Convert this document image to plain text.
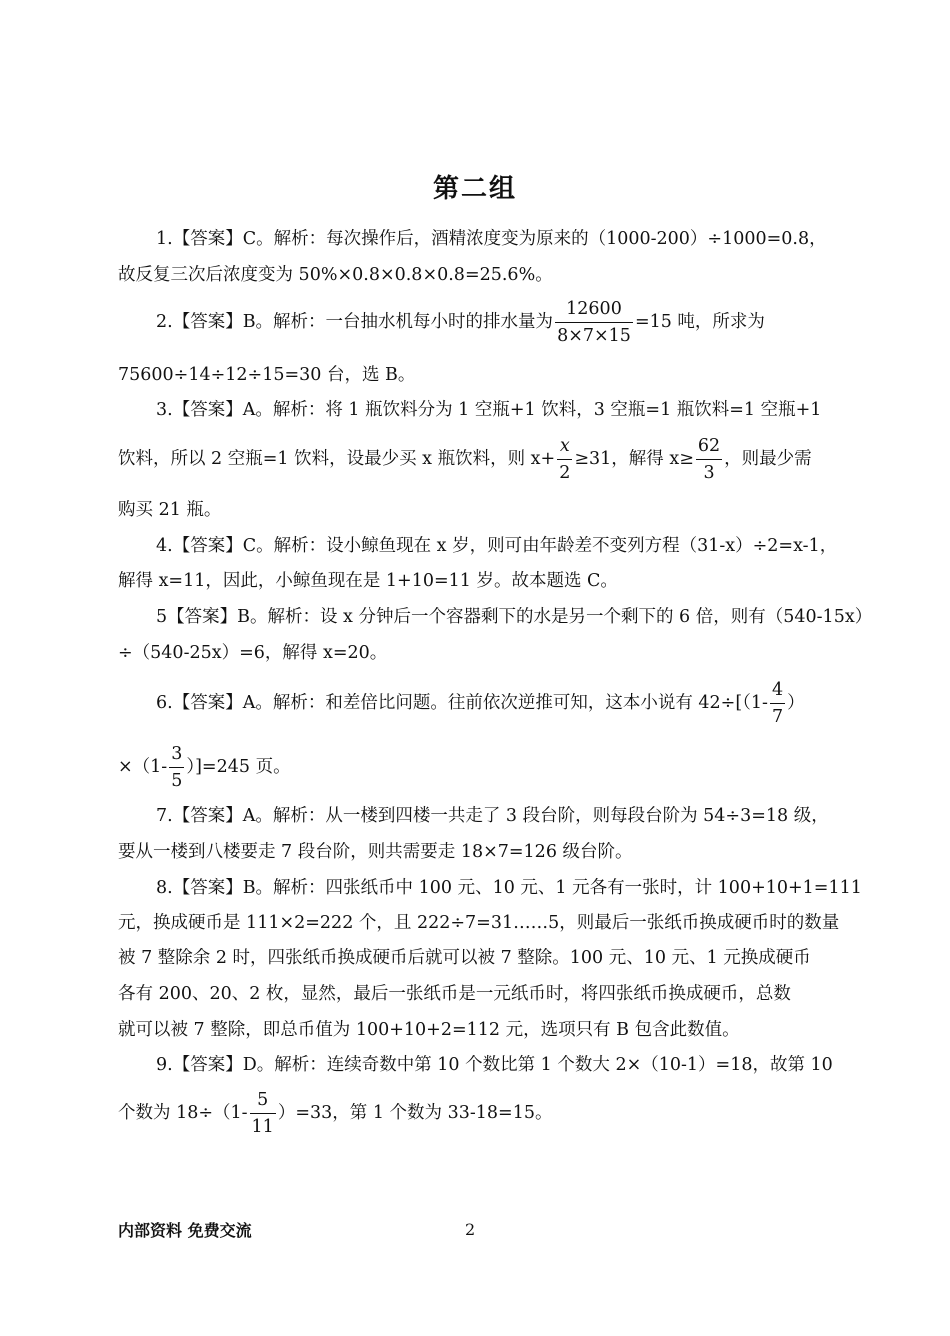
第二组
1.【答案】C。解析：每次操作后，酒精浓度变为原来的（1000-200）÷1000=0.8，
故反复三次后浓度变为 50%×0.8×0.8×0.8=25.6%。
2.【答案】B。解析：一台抽水机每小时的排水量为 $\frac{12600}{8\times 7\times 15} =15$ 吨，所求为
75600÷14÷12÷15=30 台，选 B。
3.【答案】A。解析：将 1 瓶饮料分为 1 空瓶+1 饮料，3 空瓶=1 瓶饮料=1 空瓶+1
饮料，所以 2 空瓶=1 饮料，设最少买 x 瓶饮料，则 $x+ \frac{x}{2} \ge 31$，解得 $x\ge \frac{62}{3}$ ，则最少需
购买 21 瓶。
4.【答案】C。解析：设小鲸鱼现在 x 岁，则可由年龄差不变列方程（31-x）÷2=x-1，
解得 x=11，因此，小鲸鱼现在是 1+10=11 岁。故本题选 C。
5【答案】B。解析：设 x 分钟后一个容器剩下的水是另一个剩下的 6 倍，则有（540-15x）
÷（540-25x）=6，解得 x=20。
6.【答案】A。解析：和差倍比问题。往前依次逆推可知，这本小说有 $42\div[(1- \frac{4}{7}$ ）
$\times(1- \frac{3}{5} )]=245$ 页。
7.【答案】A。解析：从一楼到四楼一共走了 3 段台阶，则每段台阶为 54÷3=18 级，
要从一楼到八楼要走 7 段台阶，则共需要走 18×7=126 级台阶。
8.【答案】B。解析：四张纸币中 100 元、10 元、1 元各有一张时，计 100+10+1=111
元，换成硬币是 111×2=222 个，且 222÷7=31……5，则最后一张纸币换成硬币时的数量
被 7 整除余 2 时，四张纸币换成硬币后就可以被 7 整除。100 元、10 元、1 元换成硬币
各有 200、20、2 枚，显然，最后一张纸币是一元纸币时，将四张纸币换成硬币，总数
就可以被 7 整除，即总币值为 100+10+2=112 元，选项只有 B 包含此数值。
9.【答案】D。解析：连续奇数中第 10 个数比第 1 个数大 2×（10-1）=18，故第 10
个数为 $18\div(1- \frac{5}{11} )=33$，第 1 个数为 33-18=15。
内部资料 免费交流	2
